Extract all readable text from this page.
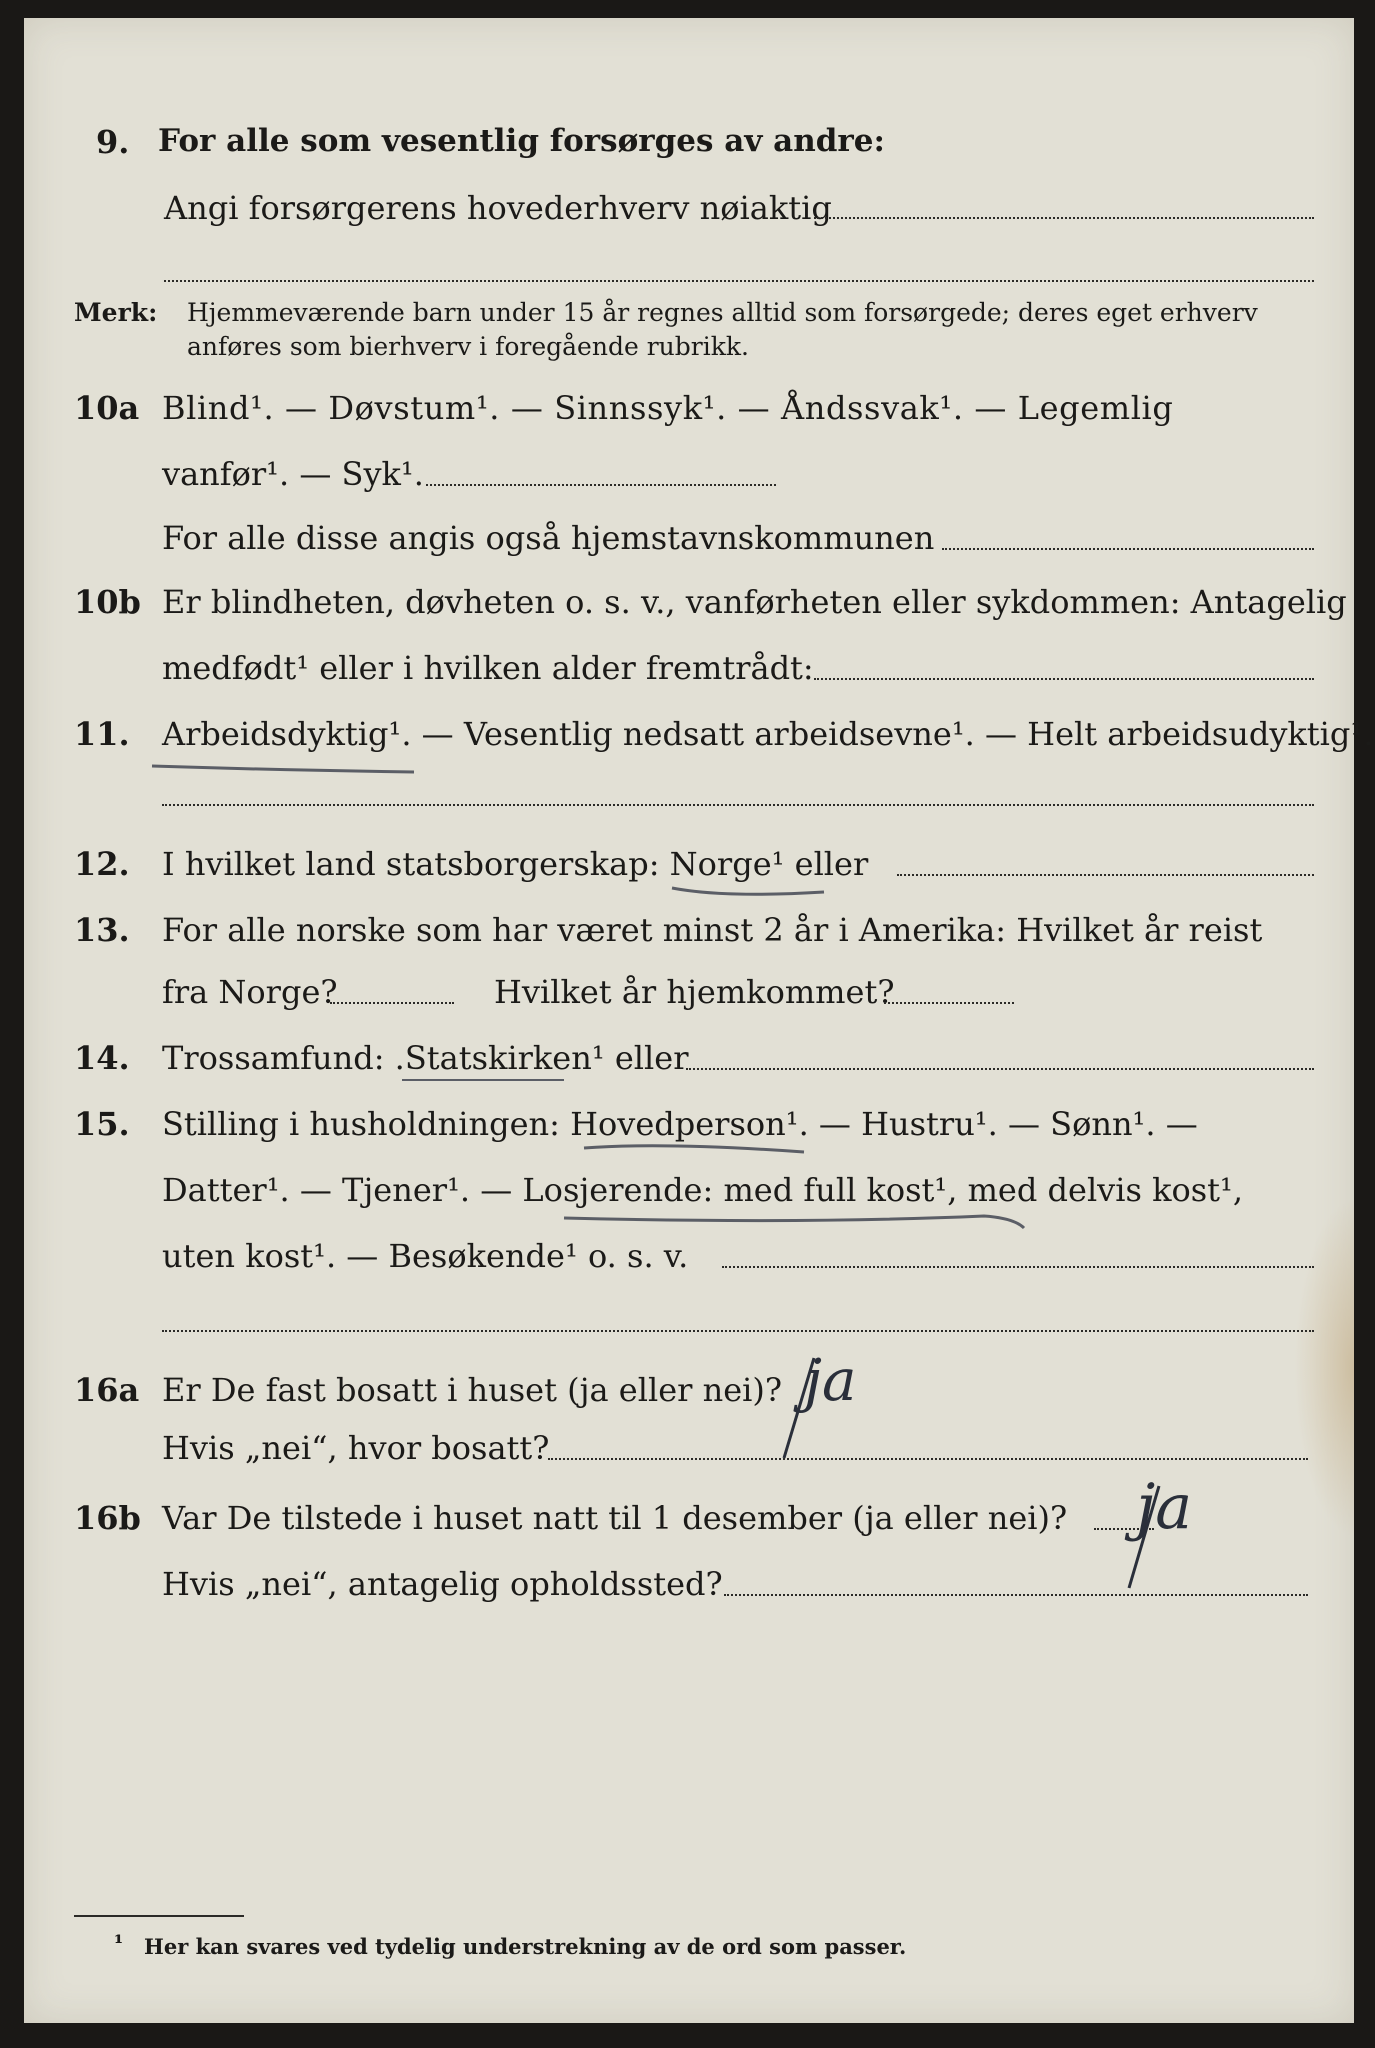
9. For alle som vesentlig forsørges av andre:
Angi forsørgerens hovederhverv nøiaktig
Merk: Hjemmeværende barn under 15 år regnes alltid som forsørgede; deres eget erhverv
anføres som bierhverv i foregående rubrikk.
10a Blind¹. — Døvstum¹. — Sinnssyk¹. — Åndssvak¹. — Legemlig
vanfør¹. — Syk¹.
For alle disse angis også hjemstavnskommunen
10b Er blindheten, døvheten o. s. v., vanførheten eller sykdommen: Antagelig
medfødt¹ eller i hvilken alder fremtrådt:
11. Arbeidsdyktig¹. — Vesentlig nedsatt arbeidsevne¹. — Helt arbeidsudyktig¹.
12. I hvilket land statsborgerskap: Norge¹ eller
13. For alle norske som har været minst 2 år i Amerika: Hvilket år reist
fra Norge?	Hvilket år hjemkommet?
14. Trossamfund: .Statskirken¹ eller
15. Stilling i husholdningen: Hovedperson¹. — Hustru¹. — Sønn¹. —
Datter¹. — Tjener¹. — Losjerende: med full kost¹, med delvis kost¹,
uten kost¹. — Besøkende¹ o. s. v.
16a Er De fast bosatt i huset (ja eller nei)? ja
Hvis „nei“, hvor bosatt?
16b Var De tilstede i huset natt til 1 desember (ja eller nei)? ja
Hvis „nei“, antagelig opholdssted?
¹ Her kan svares ved tydelig understrekning av de ord som passer.
